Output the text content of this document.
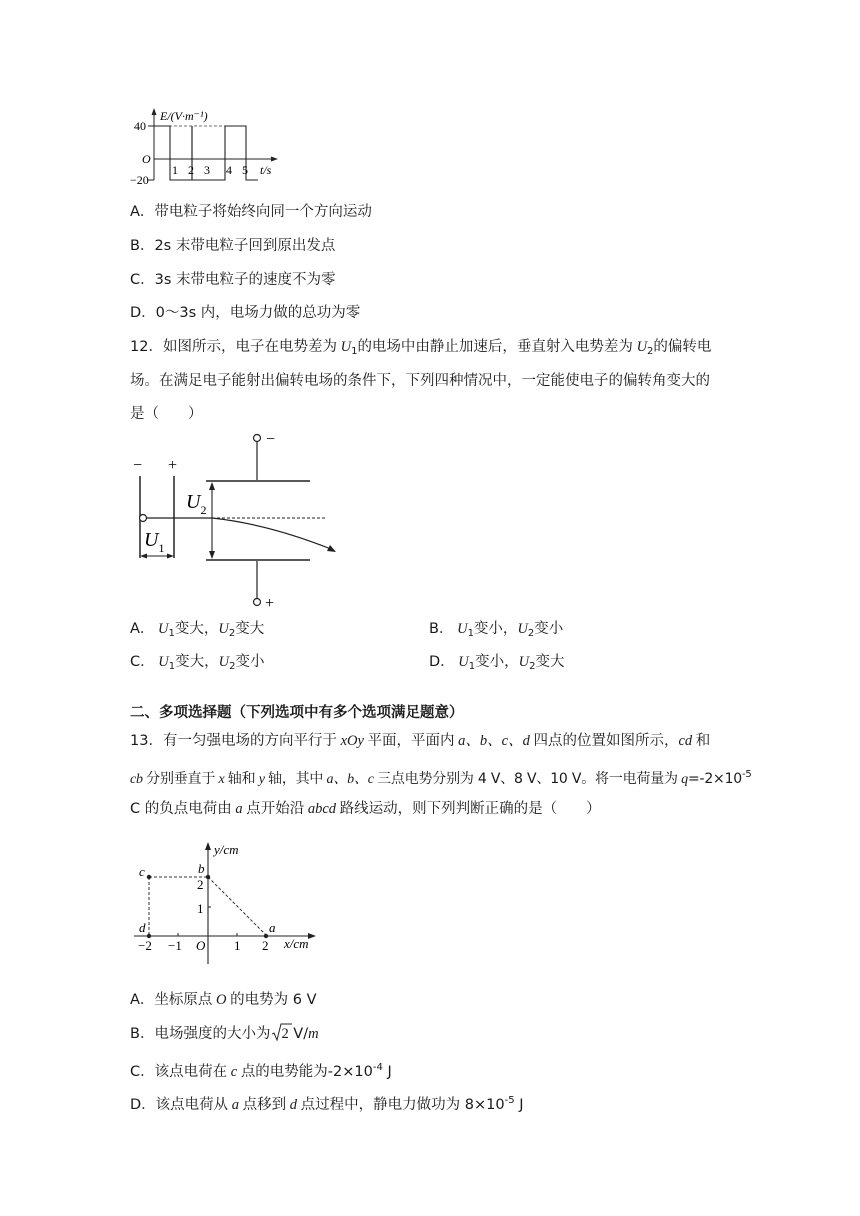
E/(V·m⁻¹)
40
O
−20
1 2 3 4 5 t/s
A．带电粒子将始终向同一个方向运动
B．2s 末带电粒子回到原出发点
C．3s 末带电粒子的速度不为零
D．0～3s 内，电场力做的总功为零
12．如图所示，电子在电势差为 $U_1$的电场中由静止加速后，垂直射入电势差为 $U_2$的偏转电
场。在满足电子能射出偏转电场的条件下，下列四种情况中，一定能使电子的偏转角变大的
是（　　）
−
+
− +
$U_2$
$U_1$
A． $U_1$变大，$U_2$变大	B． $U_1$变小，$U_2$变小
C． $U_1$变大，$U_2$变小	D． $U_1$变小，$U_2$变大
二、多项选择题（下列选项中有多个选项满足题意）
13．有一匀强电场的方向平行于 xOy 平面，平面内 a、b、c、d 四点的位置如图所示，cd 和
cb 分别垂直于 x 轴和 y 轴，其中 a、b、c 三点电势分别为 4 V、8 V、10 V。将一电荷量为 $q=-2\times 10^{-5}$
C 的负点电荷由 a 点开始沿 abcd 路线运动，则下列判断正确的是（　　）
y/cm
x/cm
O
−2 −1	1 2
1
2
a
b
c
d
A．坐标原点 O 的电势为 6 V
B．电场强度的大小为 2 V/m
C．该点电荷在 c 点的电势能为$-2\times 10^{-4}$ J
D．该点电荷从 a 点移到 d 点过程中，静电力做功为 $8\times 10^{-5}$ J
